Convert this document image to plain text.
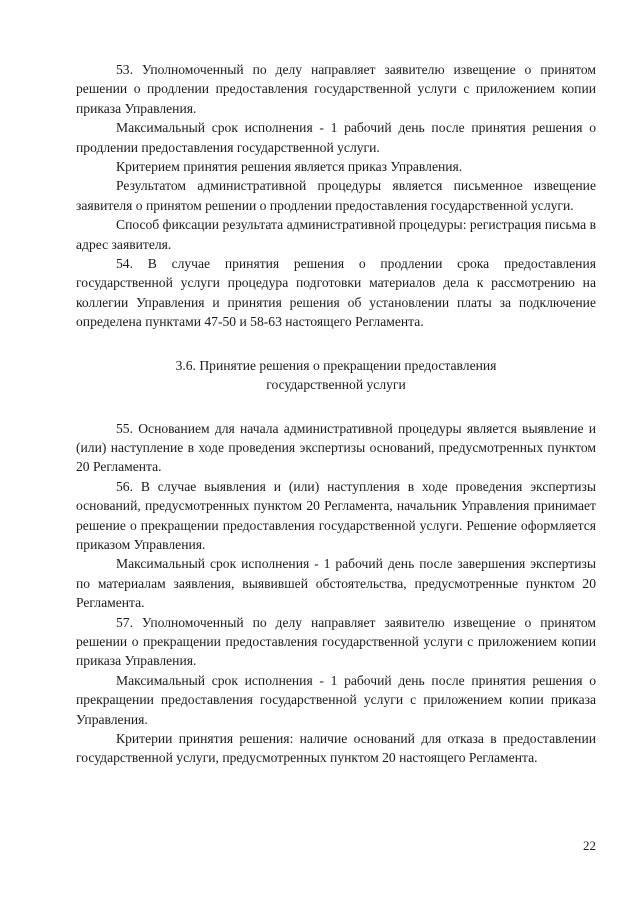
53. Уполномоченный по делу направляет заявителю извещение о принятом решении о продлении предоставления государственной услуги с приложением копии приказа Управления.

Максимальный срок исполнения - 1 рабочий день после принятия решения о продлении предоставления государственной услуги.

Критерием принятия решения является приказ Управления.

Результатом административной процедуры является письменное извещение заявителя о принятом решении о продлении предоставления государственной услуги.

Способ фиксации результата административной процедуры: регистрация письма в адрес заявителя.

54. В случае принятия решения о продлении срока предоставления государственной услуги процедура подготовки материалов дела к рассмотрению на коллегии Управления и принятия решения об установлении платы за подключение определена пунктами 47-50 и 58-63 настоящего Регламента.

3.6. Принятие решения о прекращении предоставления
государственной услуги

55. Основанием для начала административной процедуры является выявление и (или) наступление в ходе проведения экспертизы оснований, предусмотренных пунктом 20 Регламента.

56. В случае выявления и (или) наступления в ходе проведения экспертизы оснований, предусмотренных пунктом 20 Регламента, начальник Управления принимает решение о прекращении предоставления государственной услуги. Решение оформляется приказом Управления.

Максимальный срок исполнения - 1 рабочий день после завершения экспертизы по материалам заявления, выявившей обстоятельства, предусмотренные пунктом 20 Регламента.

57. Уполномоченный по делу направляет заявителю извещение о принятом решении о прекращении предоставления государственной услуги с приложением копии приказа Управления.

Максимальный срок исполнения - 1 рабочий день после принятия решения о прекращении предоставления государственной услуги с приложением копии приказа Управления.

Критерии принятия решения: наличие оснований для отказа в предоставлении государственной услуги, предусмотренных пунктом 20 настоящего Регламента.

22
